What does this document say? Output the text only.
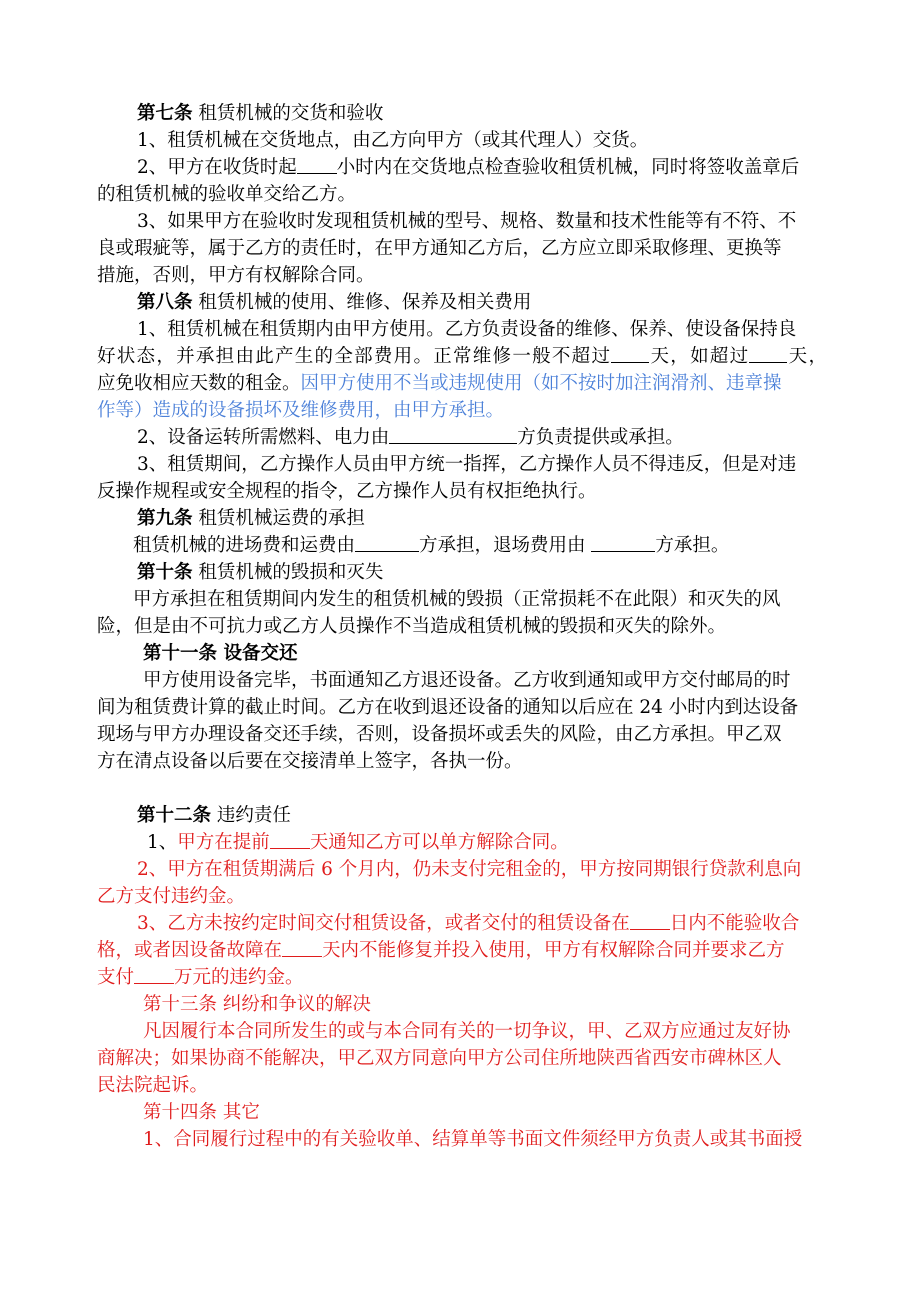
第七条 租赁机械的交货和验收
1、租赁机械在交货地点，由乙方向甲方（或其代理人）交货。
2、甲方在收货时起 小时内在交货地点检查验收租赁机械，同时将签收盖章后
的租赁机械的验收单交给乙方。
3、如果甲方在验收时发现租赁机械的型号、规格、数量和技术性能等有不符、不
良或瑕疵等，属于乙方的责任时，在甲方通知乙方后，乙方应立即采取修理、更换等
措施，否则，甲方有权解除合同。
第八条 租赁机械的使用、维修、保养及相关费用
1、租赁机械在租赁期内由甲方使用。乙方负责设备的维修、保养、使设备保持良
好状态，并承担由此产生的全部费用。正常维修一般不超过 天，如超过 天，
应免收相应天数的租金。因甲方使用不当或违规使用（如不按时加注润滑剂、违章操
作等）造成的设备损坏及维修费用，由甲方承担。
2、设备运转所需燃料、电力由	方负责提供或承担。
3、租赁期间，乙方操作人员由甲方统一指挥，乙方操作人员不得违反，但是对违
反操作规程或安全规程的指令，乙方操作人员有权拒绝执行。
第九条 租赁机械运费的承担
租赁机械的进场费和运费由	方承担，退场费用由	方承担。
第十条 租赁机械的毁损和灭失
甲方承担在租赁期间内发生的租赁机械的毁损（正常损耗不在此限）和灭失的风
险，但是由不可抗力或乙方人员操作不当造成租赁机械的毁损和灭失的除外。
第十一条 设备交还
甲方使用设备完毕，书面通知乙方退还设备。乙方收到通知或甲方交付邮局的时
间为租赁费计算的截止时间。乙方在收到退还设备的通知以后应在 24 小时内到达设备
现场与甲方办理设备交还手续，否则，设备损坏或丢失的风险，由乙方承担。甲乙双
方在清点设备以后要在交接清单上签字，各执一份。
第十二条 违约责任
1、甲方在提前 天通知乙方可以单方解除合同。
2、甲方在租赁期满后 6 个月内，仍未支付完租金的，甲方按同期银行贷款利息向
乙方支付违约金。
3、乙方未按约定时间交付租赁设备，或者交付的租赁设备在 日内不能验收合
格，或者因设备故障在 天内不能修复并投入使用，甲方有权解除合同并要求乙方
支付 万元的违约金。
第十三条 纠纷和争议的解决
凡因履行本合同所发生的或与本合同有关的一切争议，甲、乙双方应通过友好协
商解决；如果协商不能解决，甲乙双方同意向甲方公司住所地陕西省西安市碑林区人
民法院起诉。
第十四条 其它
1、合同履行过程中的有关验收单、结算单等书面文件须经甲方负责人或其书面授
